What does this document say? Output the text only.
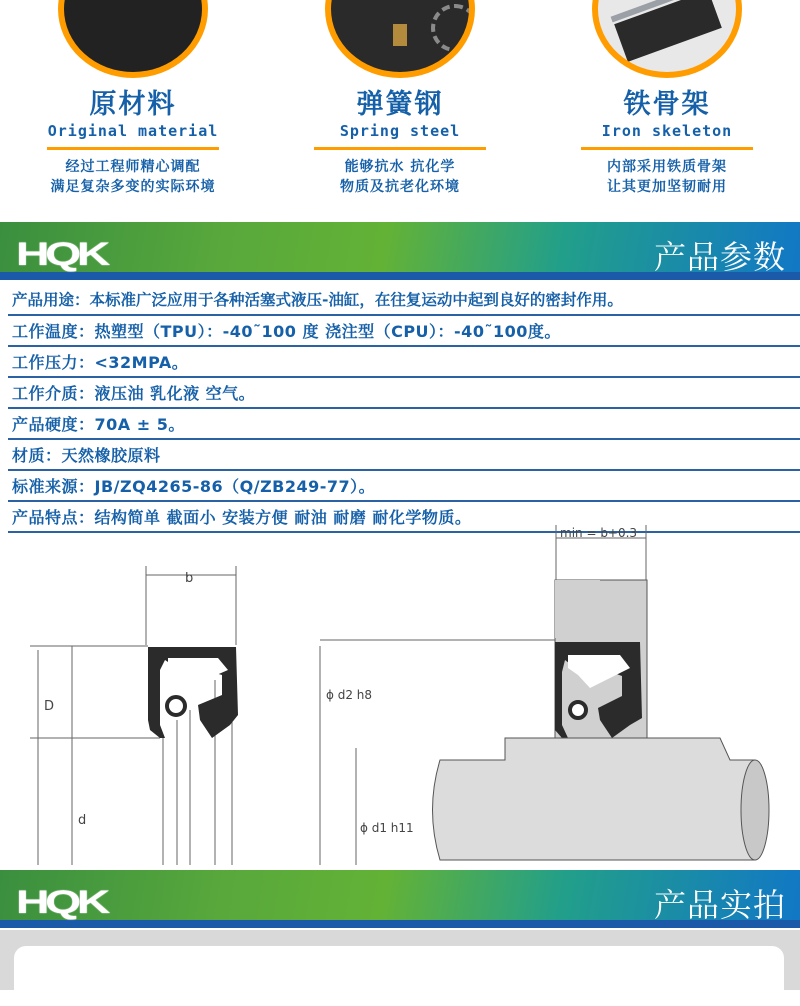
原材料
Original material
经过工程师精心调配
满足复杂多变的实际环境
弹簧钢
Spring steel
能够抗水 抗化学
物质及抗老化环境
铁骨架
Iron skeleton
内部采用铁质骨架
让其更加坚韧耐用
HQK	产品参数
产品用途：本标准广泛应用于各种活塞式液压-油缸，在往复运动中起到良好的密封作用。
工作温度：热塑型（TPU）：-40˜100 度 浇注型（CPU）：-40˜100度。
工作压力：<32MPA。
工作介质：液压油 乳化液 空气。
产品硬度：70A ± 5。
材质：天然橡胶原料
标准来源：JB/ZQ4265-86（Q/ZB249-77）。
产品特点：结构简单 截面小 安装方便 耐油 耐磨 耐化学物质。
b
D
d
min = b+0.3
ϕ d2 h8
ϕ d1 h11
HQK	产品实拍
